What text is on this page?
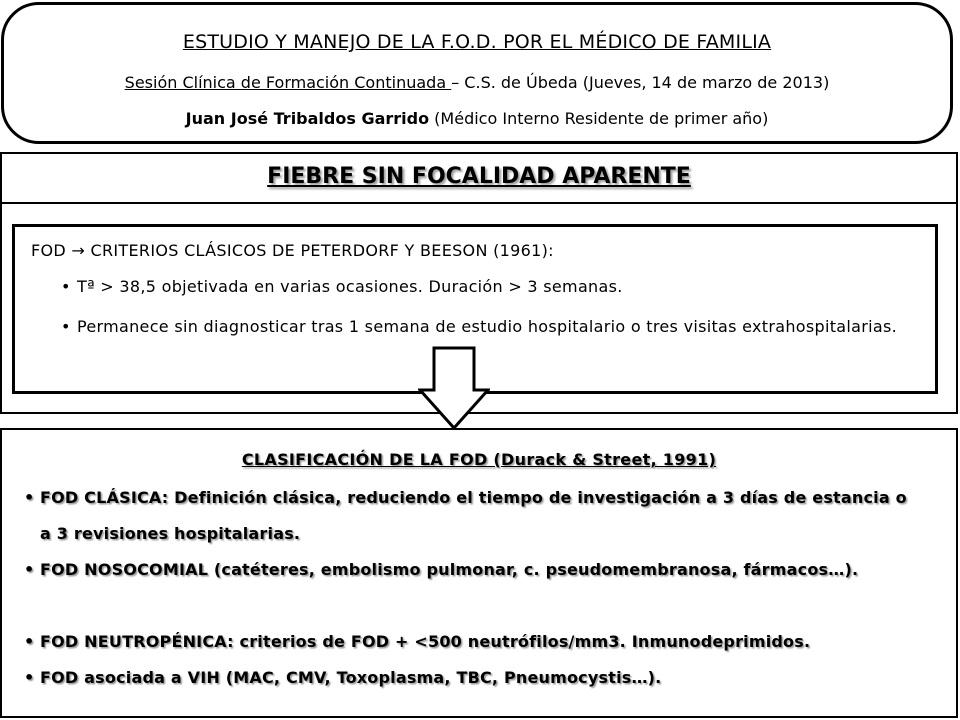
ESTUDIO Y MANEJO DE LA F.O.D. POR EL MÉDICO DE FAMILIA
Sesión Clínica de Formación Continuada – C.S. de Úbeda (Jueves, 14 de marzo de 2013)
Juan José Tribaldos Garrido (Médico Interno Residente de primer año)
FIEBRE SIN FOCALIDAD APARENTE
FOD → CRITERIOS CLÁSICOS DE PETERDORF Y BEESON (1961):
• Tª > 38,5 objetivada en varias ocasiones. Duración > 3 semanas.
• Permanece sin diagnosticar tras 1 semana de estudio hospitalario o tres visitas extrahospitalarias.
CLASIFICACIÓN DE LA FOD (Durack & Street, 1991)
• FOD CLÁSICA: Definición clásica, reduciendo el tiempo de investigación a 3 días de estancia o a 3 revisiones hospitalarias.
• FOD NOSOCOMIAL (catéteres, embolismo pulmonar, c. pseudomembranosa, fármacos…).
• FOD NEUTROPÉNICA: criterios de FOD + <500 neutrófilos/mm3. Inmunodeprimidos.
• FOD asociada a VIH (MAC, CMV, Toxoplasma, TBC, Pneumocystis…).
